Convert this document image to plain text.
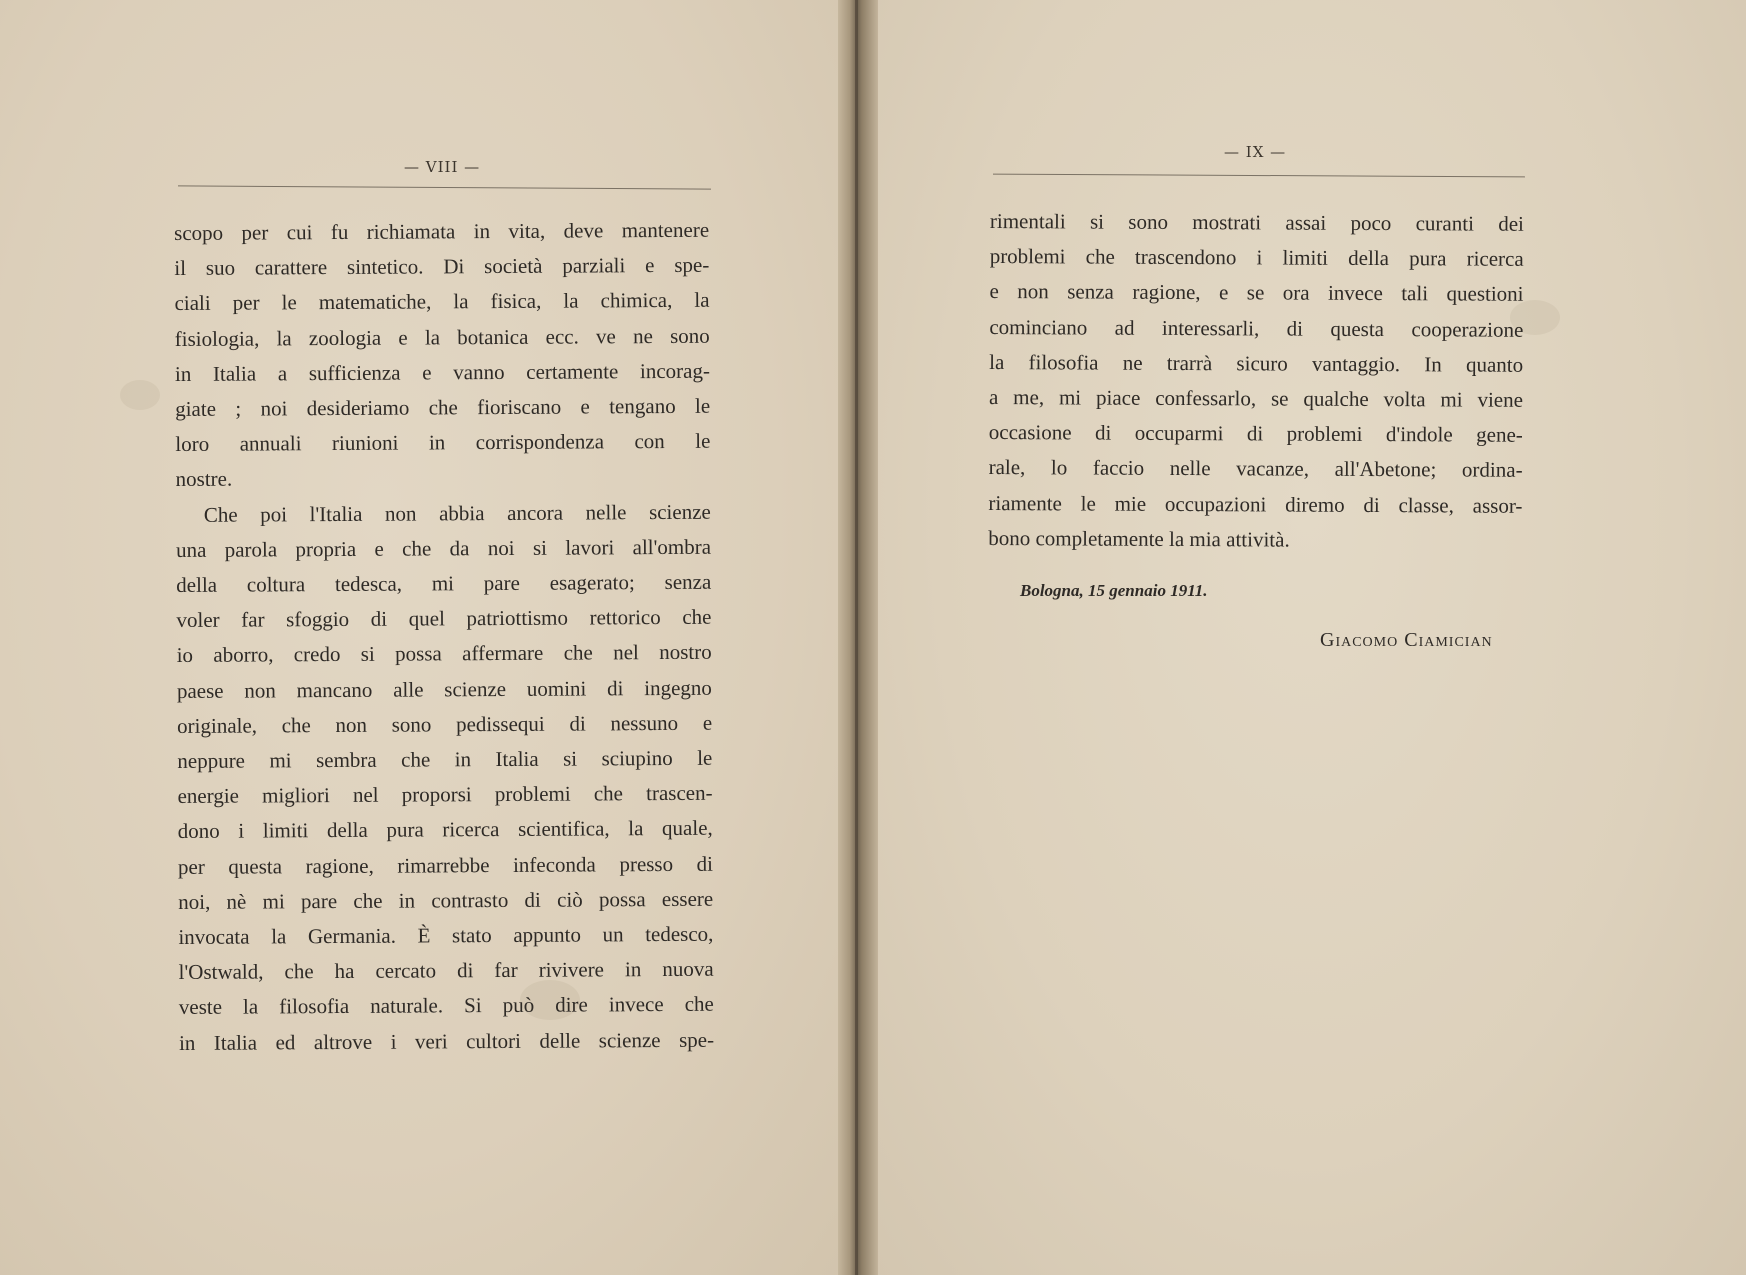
— VIII —
scopo per cui fu richiamata in vita, deve mantenere
il suo carattere sintetico. Di società parziali e spe-
ciali per le matematiche, la fisica, la chimica, la
fisiologia, la zoologia e la botanica ecc. ve ne sono
in Italia a sufficienza e vanno certamente incorag-
giate ; noi desideriamo che fioriscano e tengano le
loro annuali riunioni in corrispondenza con le
nostre.
Che poi l'Italia non abbia ancora nelle scienze
una parola propria e che da noi si lavori all'ombra
della coltura tedesca, mi pare esagerato; senza
voler far sfoggio di quel patriottismo rettorico che
io aborro, credo si possa affermare che nel nostro
paese non mancano alle scienze uomini di ingegno
originale, che non sono pedissequi di nessuno e
neppure mi sembra che in Italia si sciupino le
energie migliori nel proporsi problemi che trascen-
dono i limiti della pura ricerca scientifica, la quale,
per questa ragione, rimarrebbe infeconda presso di
noi, nè mi pare che in contrasto di ciò possa essere
invocata la Germania. È stato appunto un tedesco,
l'Ostwald, che ha cercato di far rivivere in nuova
veste la filosofia naturale. Si può dire invece che
in Italia ed altrove i veri cultori delle scienze spe-
— IX —
rimentali si sono mostrati assai poco curanti dei
problemi che trascendono i limiti della pura ricerca
e non senza ragione, e se ora invece tali questioni
cominciano ad interessarli, di questa cooperazione
la filosofia ne trarrà sicuro vantaggio. In quanto
a me, mi piace confessarlo, se qualche volta mi viene
occasione di occuparmi di problemi d'indole gene-
rale, lo faccio nelle vacanze, all'Abetone; ordina-
riamente le mie occupazioni diremo di classe, assor-
bono completamente la mia attività.
Bologna, 15 gennaio 1911.
Giacomo Ciamician
